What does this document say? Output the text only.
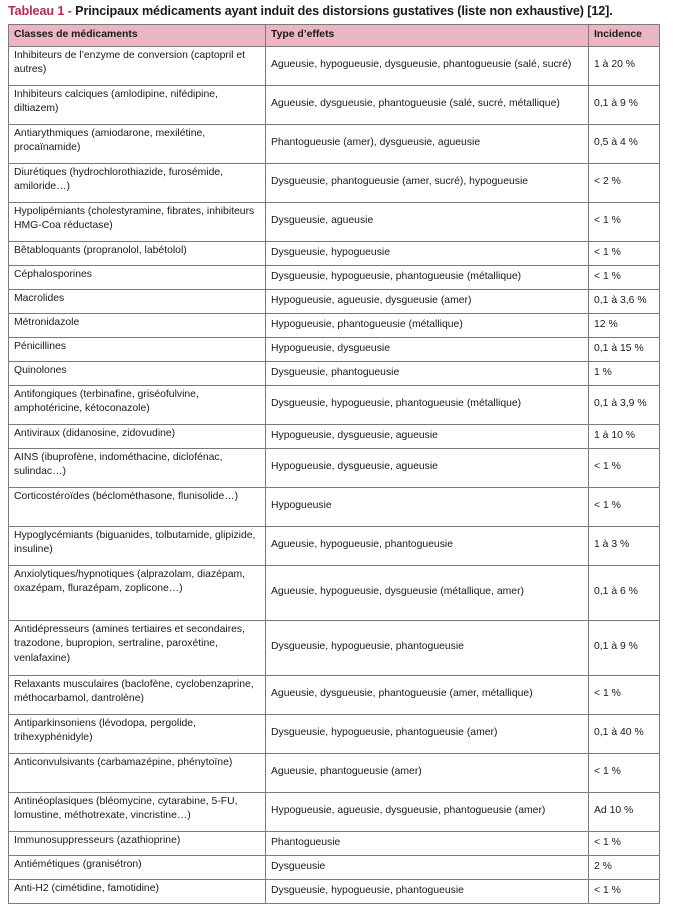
Tableau 1 - Principaux médicaments ayant induit des distorsions gustatives (liste non exhaustive) [12].
Classes de médicaments	Type d’effets	Incidence
Inhibiteurs de l’enzyme de conversion (captopril et autres)	Agueusie, hypogueusie, dysgueusie, phantogueusie (salé, sucré)	1 à 20 %
Inhibiteurs calciques (amlodipine, nifédipine, diltiazem)	Agueusie, dysgueusie, phantogueusie (salé, sucré, métallique)	0,1 à 9 %
Antiarythmiques (amiodarone, mexilétine, procaïnamide)	Phantogueusie (amer), dysgueusie, agueusie	0,5 à 4 %
Diurétiques (hydrochlorothiazide, furosémide, amiloride…)	Dysgueusie, phantogueusie (amer, sucré), hypogueusie	< 2 %
Hypolipémiants (cholestyramine, fibrates, inhibiteurs HMG-Coa réductase)	Dysgueusie, agueusie	< 1 %
Bêtabloquants (propranolol, labétolol)	Dysgueusie, hypogueusie	< 1 %
Céphalosporines	Dysgueusie, hypogueusie, phantogueusie (métallique)	< 1 %
Macrolides	Hypogueusie, agueusie, dysgueusie (amer)	0,1 à 3,6 %
Métronidazole	Hypogueusie, phantogueusie (métallique)	12 %
Pénicillines	Hypogueusie, dysgueusie	0,1 à 15 %
Quinolones	Dysgueusie, phantogueusie	1 %
Antifongiques (terbinafine, griséofulvine, amphotéricine, kétoconazole)	Dysgueusie, hypogueusie, phantogueusie (métallique)	0,1 à 3,9 %
Antiviraux (didanosine, zidovudine)	Hypogueusie, dysgueusie, agueusie	1 à 10 %
AINS (ibuprofène, indométhacine, diclofénac, sulindac…)	Hypogueusie, dysgueusie, agueusie	< 1 %
Corticostéroïdes (béclométhasone, flunisolide…)	Hypogueusie	< 1 %
Hypoglycémiants (biguanides, tolbutamide, glipizide, insuline)	Agueusie, hypogueusie, phantogueusie	1 à 3 %
Anxiolytiques/hypnotiques (alprazolam, diazépam, oxazépam, flurazépam, zoplicone…)	Agueusie, hypogueusie, dysgueusie (métallique, amer)	0,1 à 6 %
Antidépresseurs (amines tertiaires et secondaires, trazodone, bupropion, sertraline, paroxétine, venlafaxine)	Dysgueusie, hypogueusie, phantogueusie	0,1 à 9 %
Relaxants musculaires (baclofène, cyclobenzaprine, méthocarbamol, dantrolène)	Agueusie, dysgueusie, phantogueusie (amer, métallique)	< 1 %
Antiparkinsoniens (lévodopa, pergolide, trihexyphénidyle)	Dysgueusie, hypogueusie, phantogueusie (amer)	0,1 à 40 %
Anticonvulsivants (carbamazépine, phénytoïne)	Agueusie, phantogueusie (amer)	< 1 %
Antinéoplasiques (bléomycine, cytarabine, 5-FU, lomustine, méthotrexate, vincristine…)	Hypogueusie, agueusie, dysgueusie, phantogueusie (amer)	Ad 10 %
Immunosuppresseurs (azathioprine)	Phantogueusie	< 1 %
Antiémétiques (granisétron)	Dysgueusie	2 %
Anti-H2 (cimétidine, famotidine)	Dysgueusie, hypogueusie, phantogueusie	< 1 %
